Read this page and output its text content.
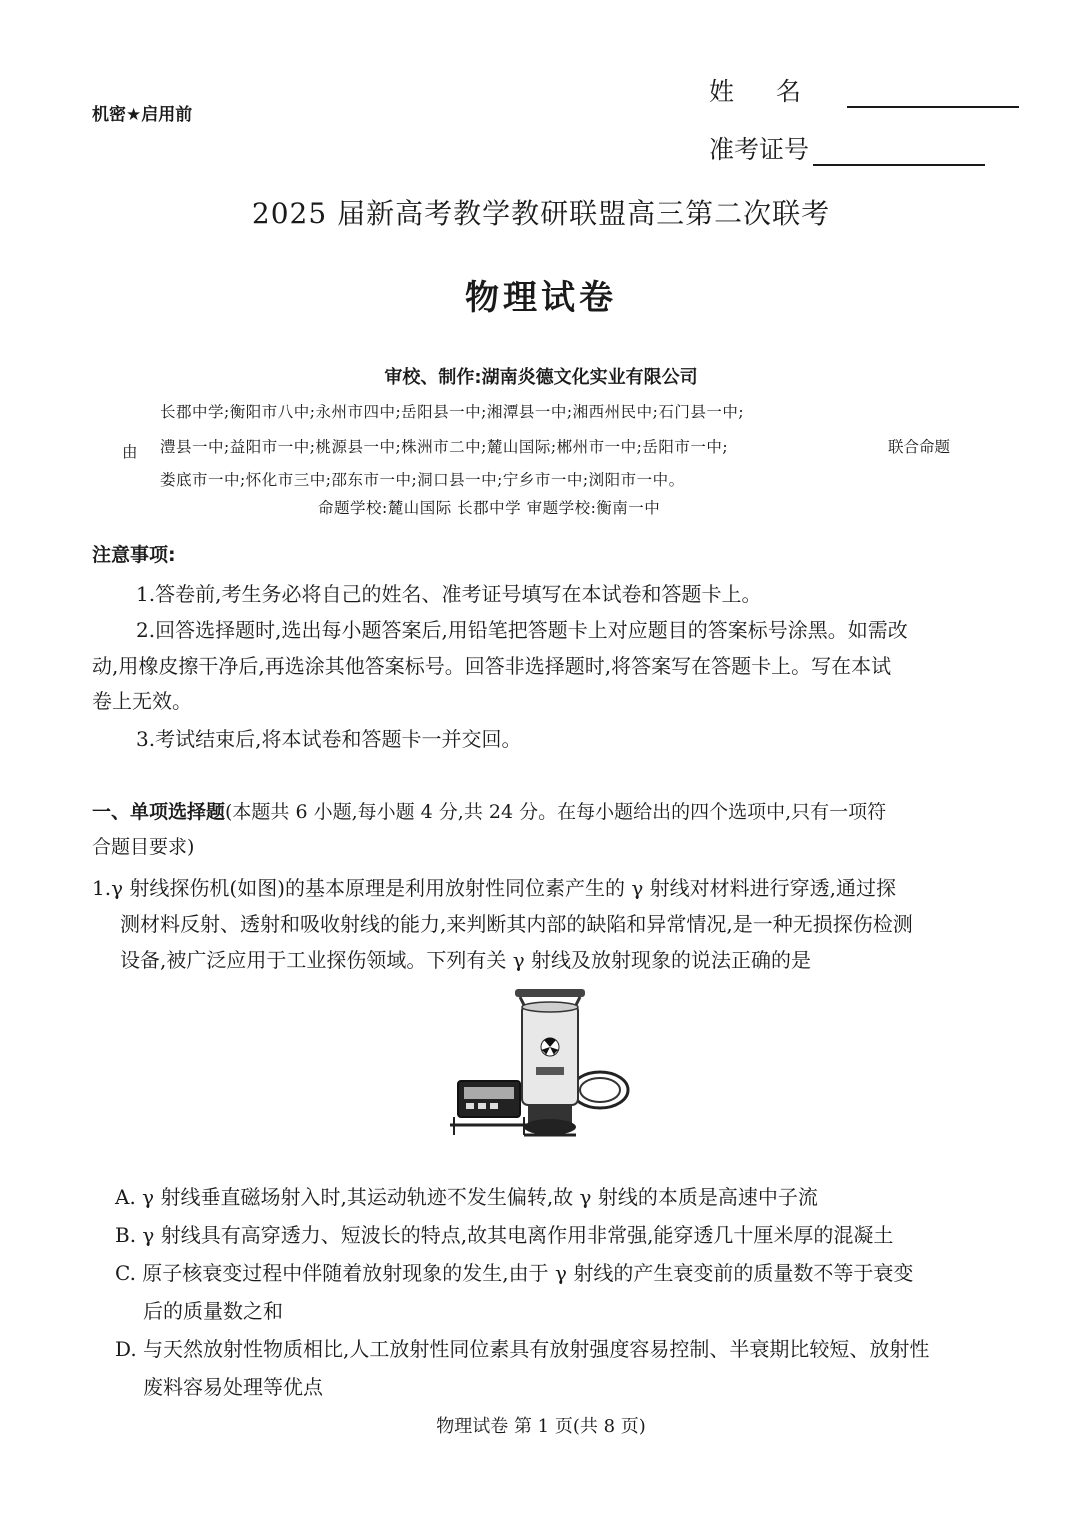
机密★启用前
姓名
准考证号
2025 届新高考教学教研联盟高三第二次联考
物理试卷
审校、制作:湖南炎德文化实业有限公司
长郡中学;衡阳市八中;永州市四中;岳阳县一中;湘潭县一中;湘西州民中;石门县一中;
由 澧县一中;益阳市一中;桃源县一中;株洲市二中;麓山国际;郴州市一中;岳阳市一中;	联合命题
娄底市一中;怀化市三中;邵东市一中;洞口县一中;宁乡市一中;浏阳市一中。
命题学校:麓山国际 长郡中学 审题学校:衡南一中
注意事项:
1.答卷前,考生务必将自己的姓名、准考证号填写在本试卷和答题卡上。
2.回答选择题时,选出每小题答案后,用铅笔把答题卡上对应题目的答案标号涂黑。如需改
动,用橡皮擦干净后,再选涂其他答案标号。回答非选择题时,将答案写在答题卡上。写在本试
卷上无效。
3.考试结束后,将本试卷和答题卡一并交回。
一、单项选择题(本题共 6 小题,每小题 4 分,共 24 分。在每小题给出的四个选项中,只有一项符
合题目要求)
1.γ 射线探伤机(如图)的基本原理是利用放射性同位素产生的 γ 射线对材料进行穿透,通过探
测材料反射、透射和吸收射线的能力,来判断其内部的缺陷和异常情况,是一种无损探伤检测
设备,被广泛应用于工业探伤领域。下列有关 γ 射线及放射现象的说法正确的是
A. γ 射线垂直磁场射入时,其运动轨迹不发生偏转,故 γ 射线的本质是高速中子流
B. γ 射线具有高穿透力、短波长的特点,故其电离作用非常强,能穿透几十厘米厚的混凝土
C. 原子核衰变过程中伴随着放射现象的发生,由于 γ 射线的产生衰变前的质量数不等于衰变
后的质量数之和
D. 与天然放射性物质相比,人工放射性同位素具有放射强度容易控制、半衰期比较短、放射性
废料容易处理等优点
物理试卷 第 1 页(共 8 页)
